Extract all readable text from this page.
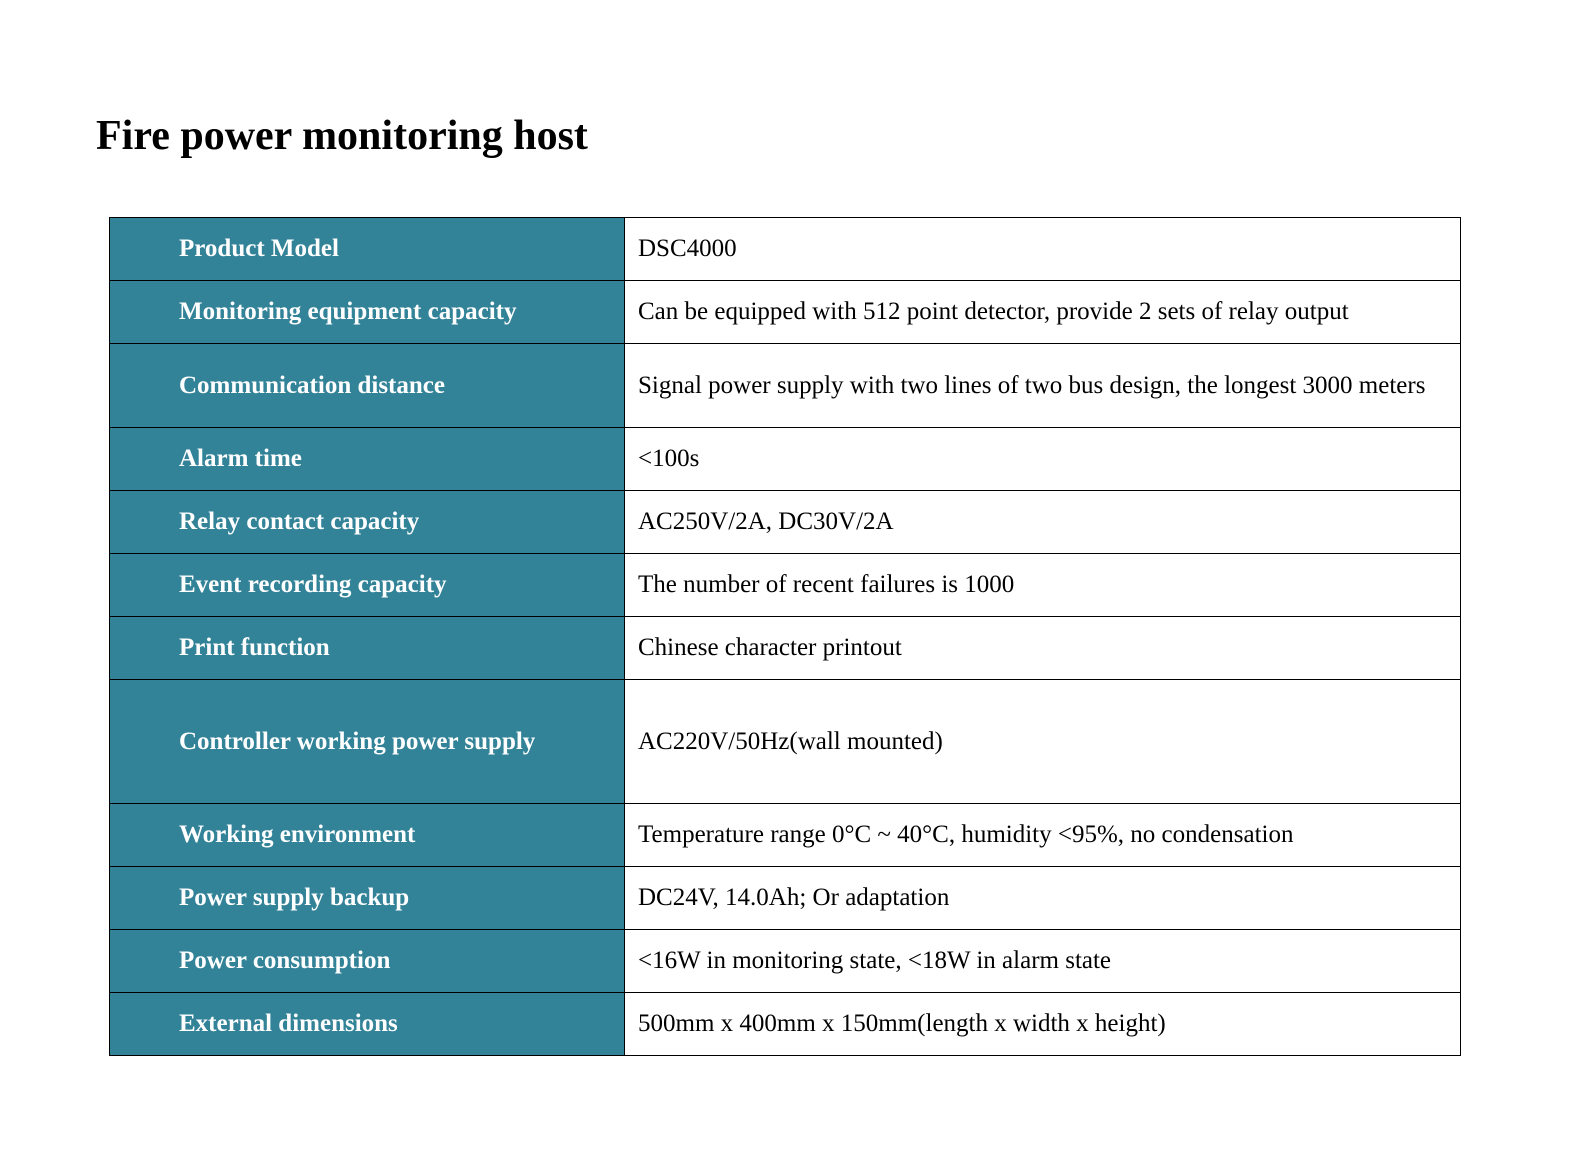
Fire power monitoring host
Product Model	DSC4000
Monitoring equipment capacity	Can be equipped with 512 point detector, provide 2 sets of relay output
Communication distance	Signal power supply with two lines of two bus design, the longest 3000 meters
Alarm time	<100s
Relay contact capacity	AC250V/2A, DC30V/2A
Event recording capacity	The number of recent failures is 1000
Print function	Chinese character printout
Controller working power supply	AC220V/50Hz(wall mounted)
Working environment	Temperature range 0°C ~ 40°C, humidity <95%, no condensation
Power supply backup	DC24V, 14.0Ah; Or adaptation
Power consumption	<16W in monitoring state, <18W in alarm state
External dimensions	500mm x 400mm x 150mm(length x width x height)
